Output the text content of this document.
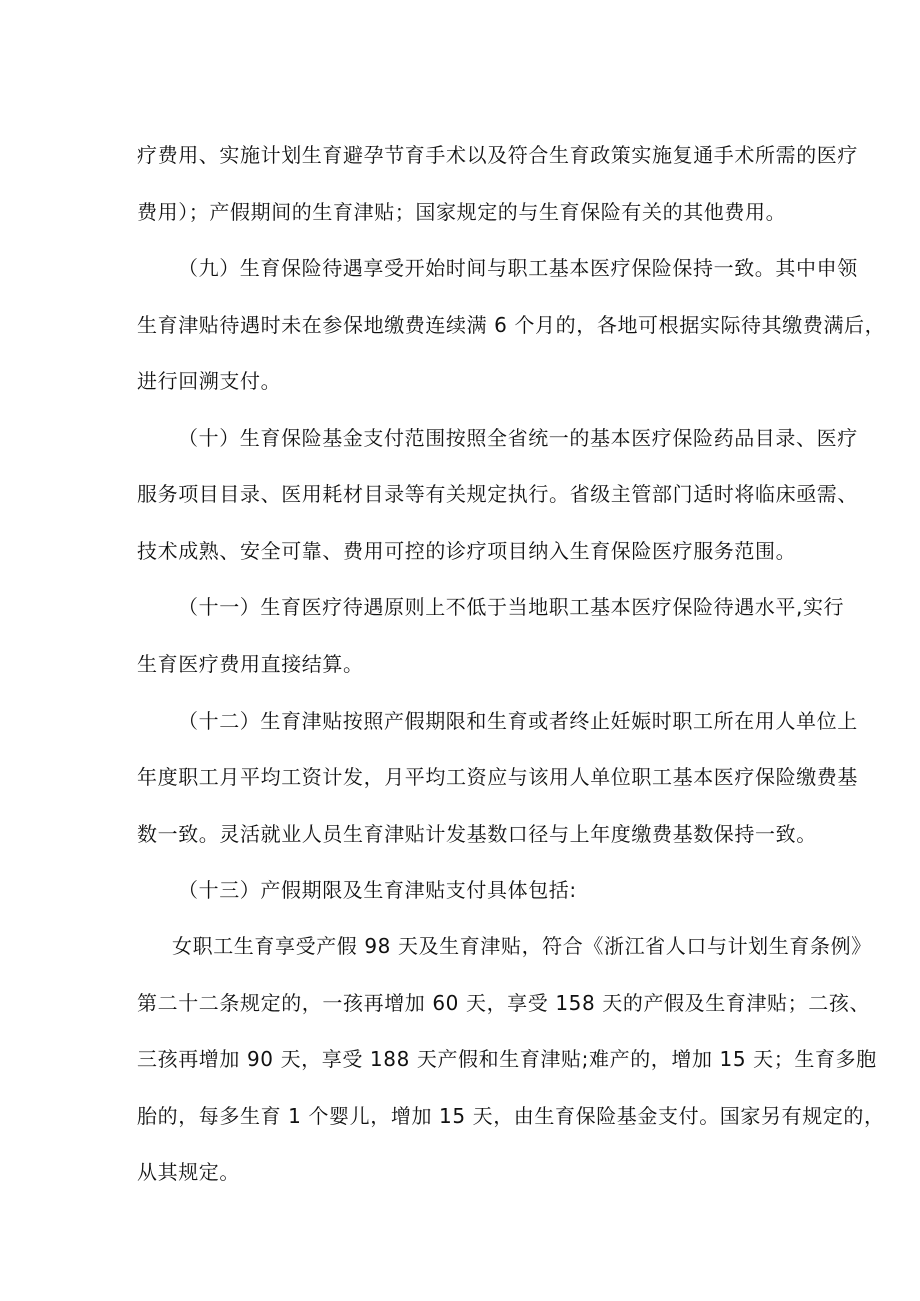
疗费用、实施计划生育避孕节育手术以及符合生育政策实施复通手术所需的医疗
费用）；产假期间的生育津贴；国家规定的与生育保险有关的其他费用。
（九）生育保险待遇享受开始时间与职工基本医疗保险保持一致。其中申领
生育津贴待遇时未在参保地缴费连续满 6 个月的，各地可根据实际待其缴费满后，
进行回溯支付。
（十）生育保险基金支付范围按照全省统一的基本医疗保险药品目录、医疗
服务项目目录、医用耗材目录等有关规定执行。省级主管部门适时将临床亟需、
技术成熟、安全可靠、费用可控的诊疗项目纳入生育保险医疗服务范围。
（十一）生育医疗待遇原则上不低于当地职工基本医疗保险待遇水平,实行
生育医疗费用直接结算。
（十二）生育津贴按照产假期限和生育或者终止妊娠时职工所在用人单位上
年度职工月平均工资计发，月平均工资应与该用人单位职工基本医疗保险缴费基
数一致。灵活就业人员生育津贴计发基数口径与上年度缴费基数保持一致。
（十三）产假期限及生育津贴支付具体包括:
女职工生育享受产假 98 天及生育津贴，符合《浙江省人口与计划生育条例》
第二十二条规定的，一孩再增加 60 天，享受 158 天的产假及生育津贴；二孩、
三孩再增加 90 天，享受 188 天产假和生育津贴;难产的，增加 15 天；生育多胞
胎的，每多生育 1 个婴儿，增加 15 天，由生育保险基金支付。国家另有规定的，
从其规定。
